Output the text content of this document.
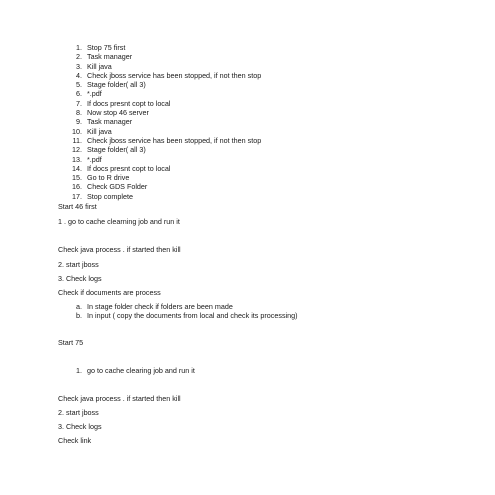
1. Stop 75 first
2. Task manager
3. Kill java
4. Check jboss service has been stopped, if not then stop
5. Stage folder( all 3)
6. *.pdf
7. If docs presnt copt to local
8. Now stop 46 server
9. Task manager
10. Kill java
11. Check jboss service has been stopped, if not then stop
12. Stage folder( all 3)
13. *.pdf
14. If docs presnt copt to local
15. Go to R drive
16. Check GDS Folder
17. Stop complete
Start 46 first
1 . go to cache clearning job and run it
Check java process . if started then kill
2. start jboss
3. Check logs
Check if documents are process
a. In stage folder check if folders are been made
b. In input ( copy the documents from local and check its processing)
Start 75
1. go to cache clearing job and run it
Check java process . if started then kill
2. start jboss
3. Check logs
Check link
